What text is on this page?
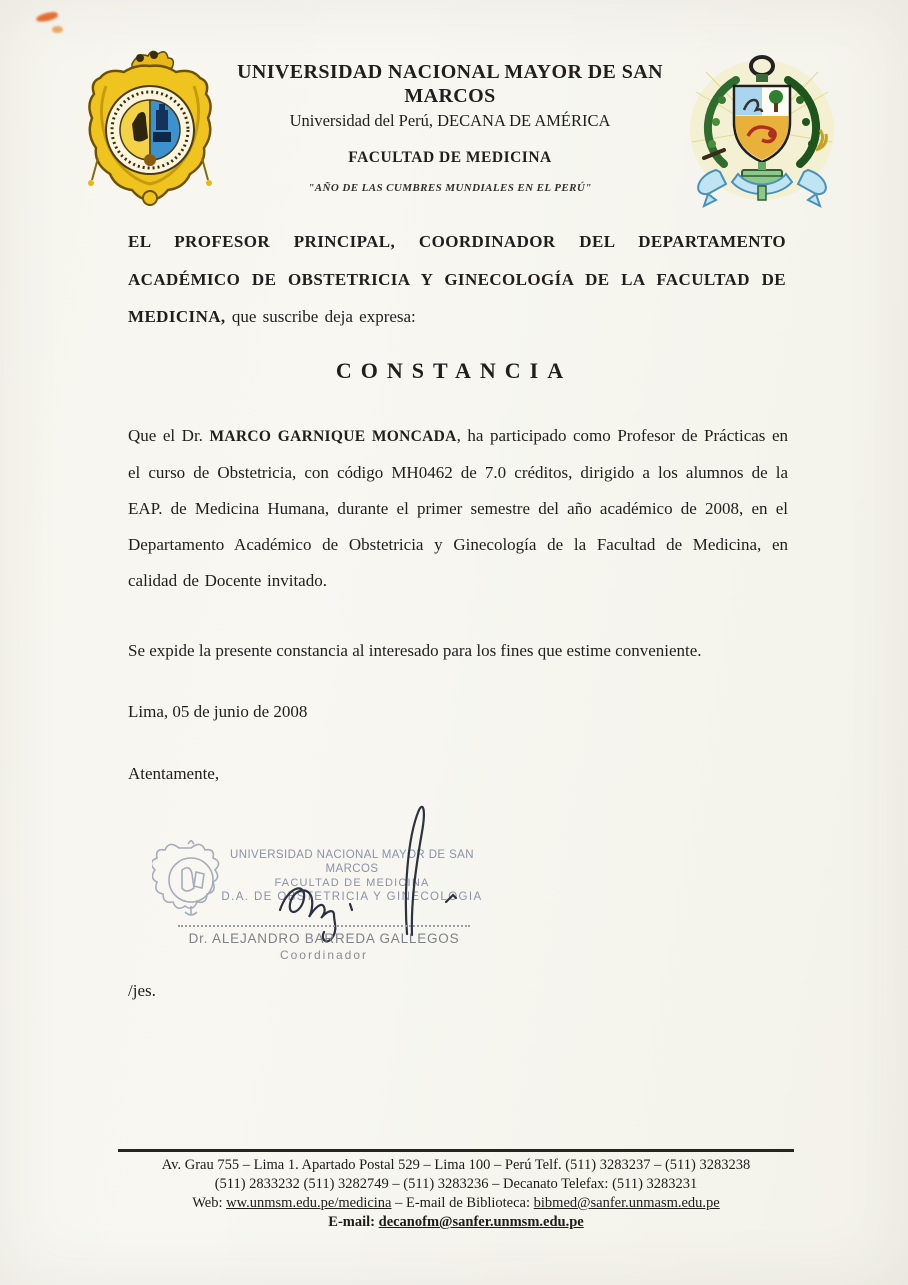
UNIVERSIDAD NACIONAL MAYOR DE SAN MARCOS
Universidad del Perú, DECANA DE AMÉRICA
FACULTAD DE MEDICINA
"AÑO DE LAS CUMBRES MUNDIALES EN EL PERÚ"
EL PROFESOR PRINCIPAL, COORDINADOR DEL DEPARTAMENTO ACADÉMICO DE OBSTETRICIA Y GINECOLOGÍA DE LA FACULTAD DE MEDICINA, que suscribe deja expresa:
CONSTANCIA
Que el Dr. MARCO GARNIQUE MONCADA, ha participado como Profesor de Prácticas en el curso de Obstetricia, con código MH0462 de 7.0 créditos, dirigido a los alumnos de la EAP. de Medicina Humana, durante el primer semestre del año académico de 2008, en el Departamento Académico de Obstetricia y Ginecología de la Facultad de Medicina, en calidad de Docente invitado.
Se expide la presente constancia al interesado para los fines que estime conveniente.
Lima, 05 de junio de 2008
Atentamente,
UNIVERSIDAD NACIONAL MAYOR DE SAN MARCOS
FACULTAD DE MEDICINA
D.A. DE OBSTETRICIA Y GINECOLOGIA
Dr. ALEJANDRO BARREDA GALLEGOS
Coordinador
/jes.
Av. Grau 755 – Lima 1. Apartado Postal 529 – Lima 100 – Perú Telf. (511) 3283237 – (511) 3283238
(511) 2833232 (511) 3282749 – (511) 3283236 – Decanato Telefax: (511) 3283231
Web: ww.unmsm.edu.pe/medicina – E-mail de Biblioteca: bibmed@sanfer.unmasm.edu.pe
E-mail: decanofm@sanfer.unmsm.edu.pe
